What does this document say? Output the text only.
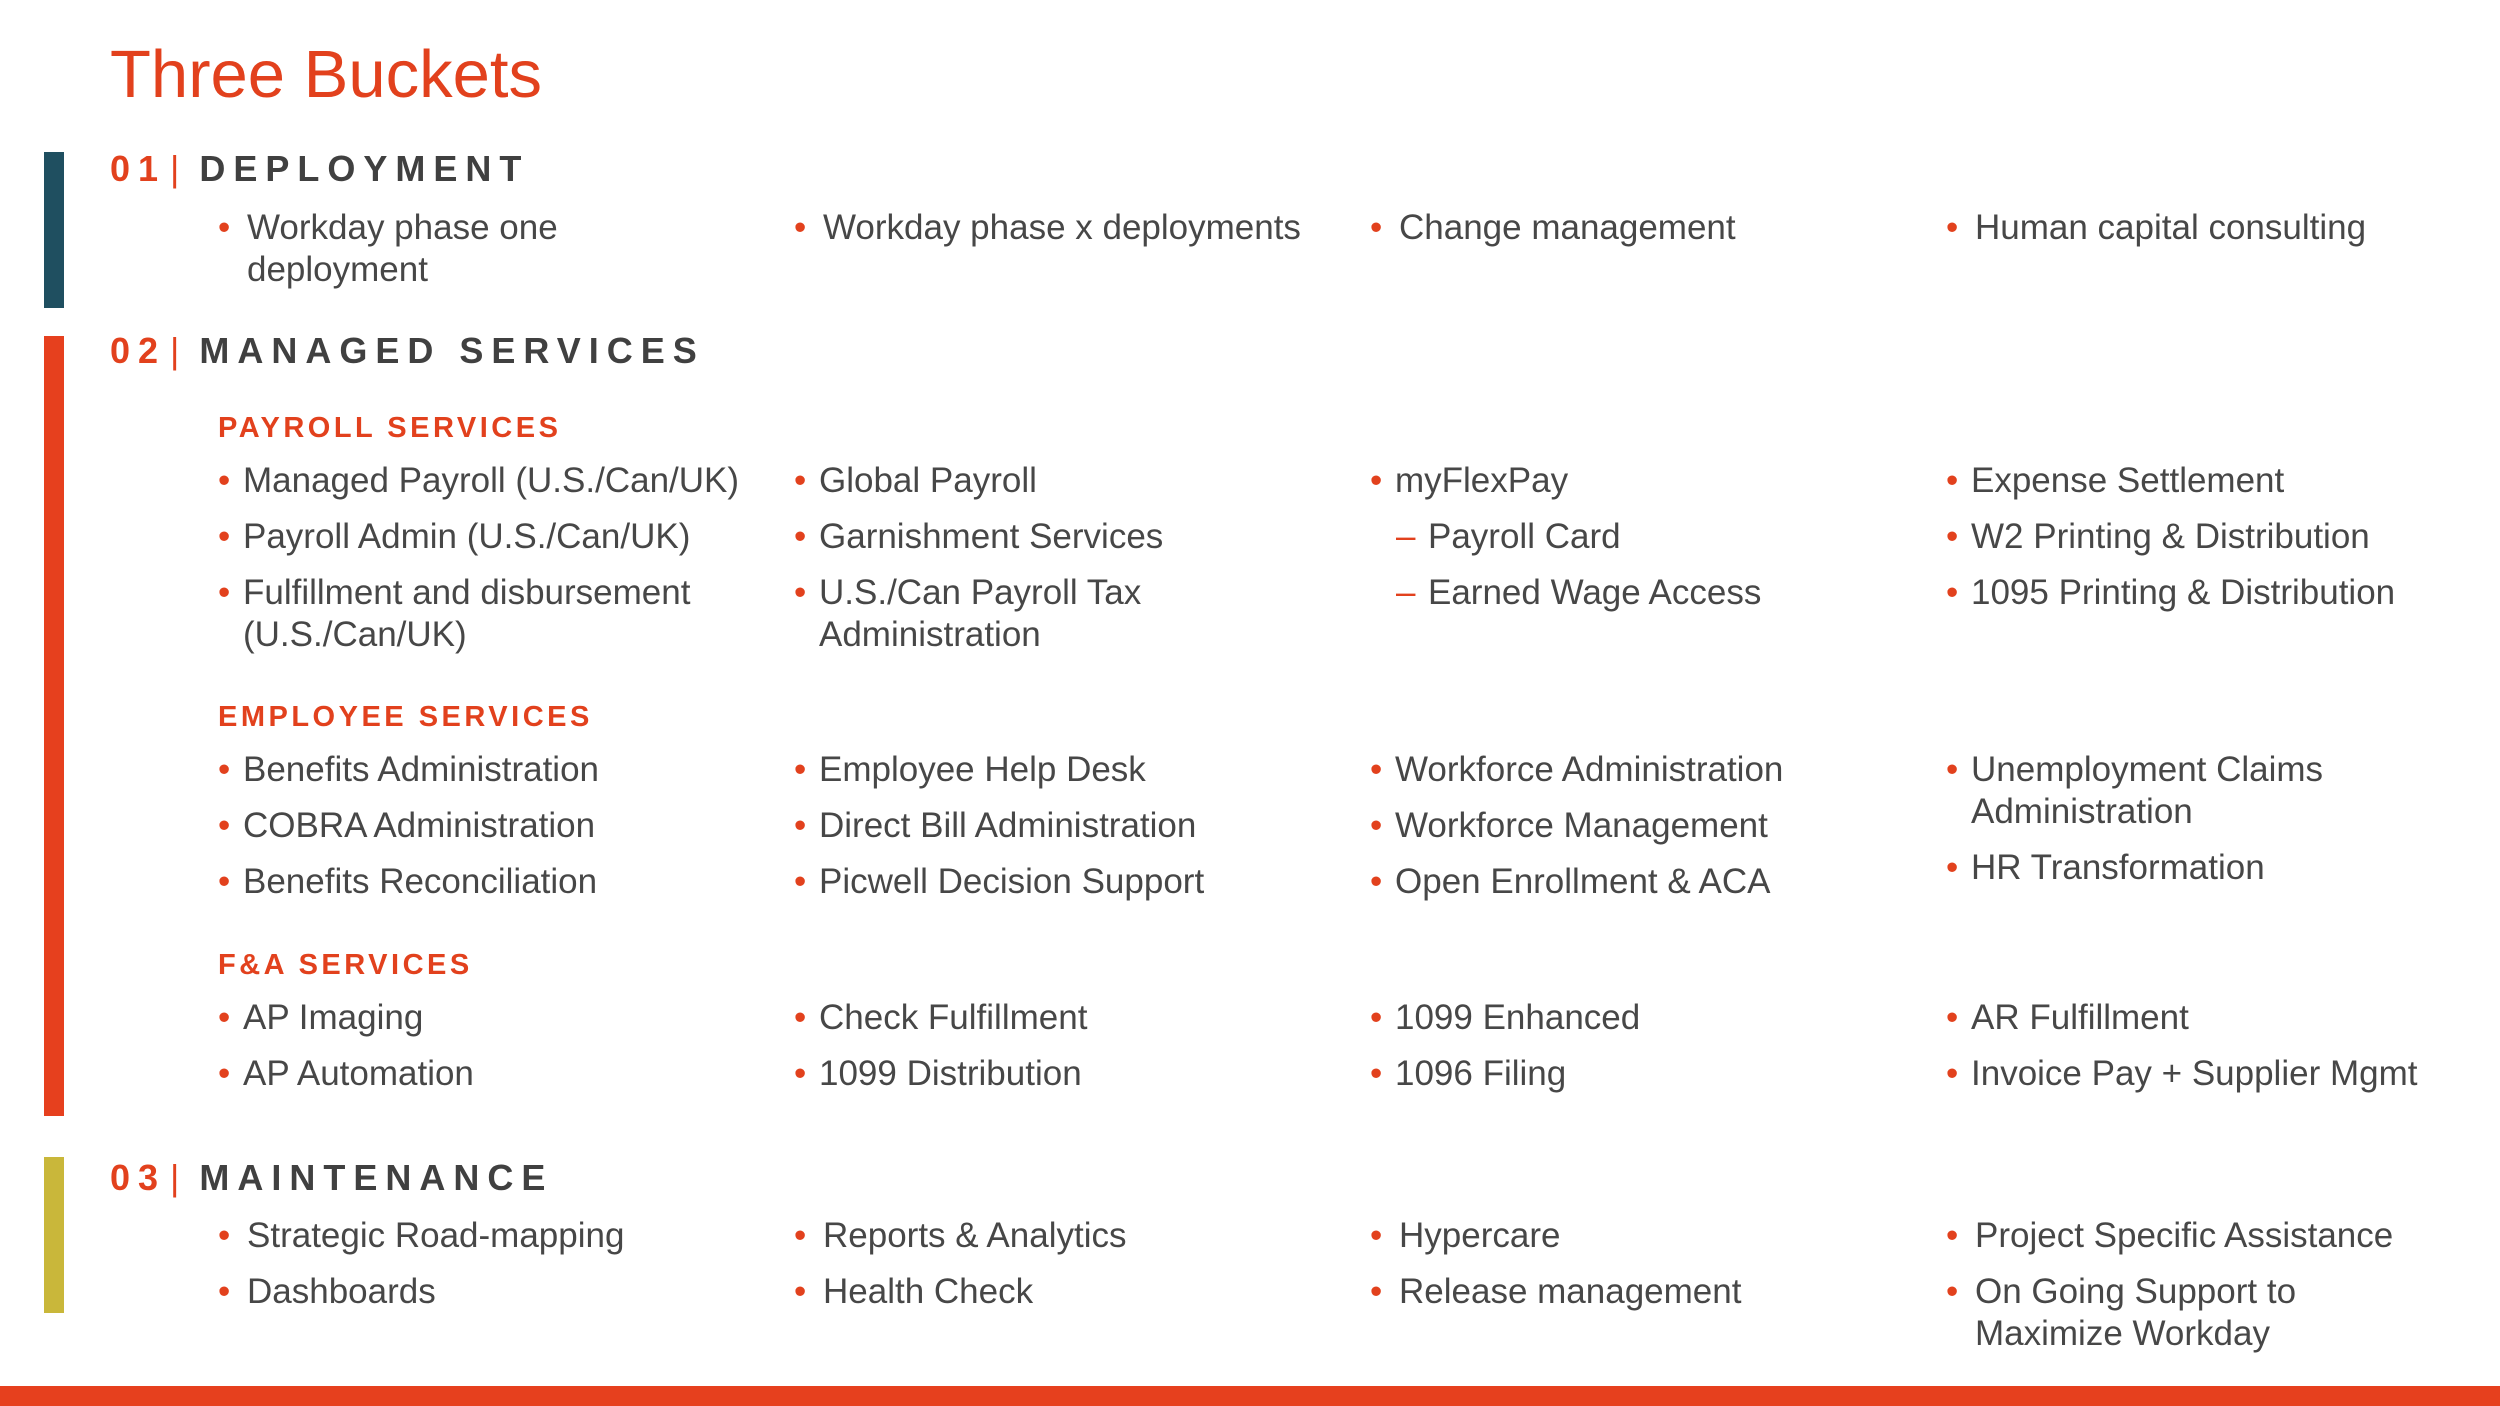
Three Buckets
01 | DEPLOYMENT
• Workday phase one deployment
• Workday phase x deployments	• Change management	• Human capital consulting
02 | MANAGED SERVICES
PAYROLL SERVICES
• Managed Payroll (U.S./Can/UK)
• Payroll Admin (U.S./Can/UK)
• Fulfillment and disbursement (U.S./Can/UK)
• Global Payroll
• Garnishment Services
• U.S./Can Payroll Tax Administration
• myFlexPay
– Payroll Card
– Earned Wage Access
• Expense Settlement
• W2 Printing & Distribution
• 1095 Printing & Distribution
EMPLOYEE SERVICES
• Benefits Administration
• COBRA Administration
• Benefits Reconciliation
• Employee Help Desk
• Direct Bill Administration
• Picwell Decision Support
• Workforce Administration
• Workforce Management
• Open Enrollment & ACA
• Unemployment Claims Administration
• HR Transformation
F&A SERVICES
• AP Imaging
• AP Automation
• Check Fulfillment
• 1099 Distribution
• 1099 Enhanced
• 1096 Filing
• AR Fulfillment
• Invoice Pay + Supplier Mgmt
03 | MAINTENANCE
• Strategic Road-mapping
• Dashboards
• Reports & Analytics
• Health Check
• Hypercare
• Release management
• Project Specific Assistance
• On Going Support to Maximize Workday
